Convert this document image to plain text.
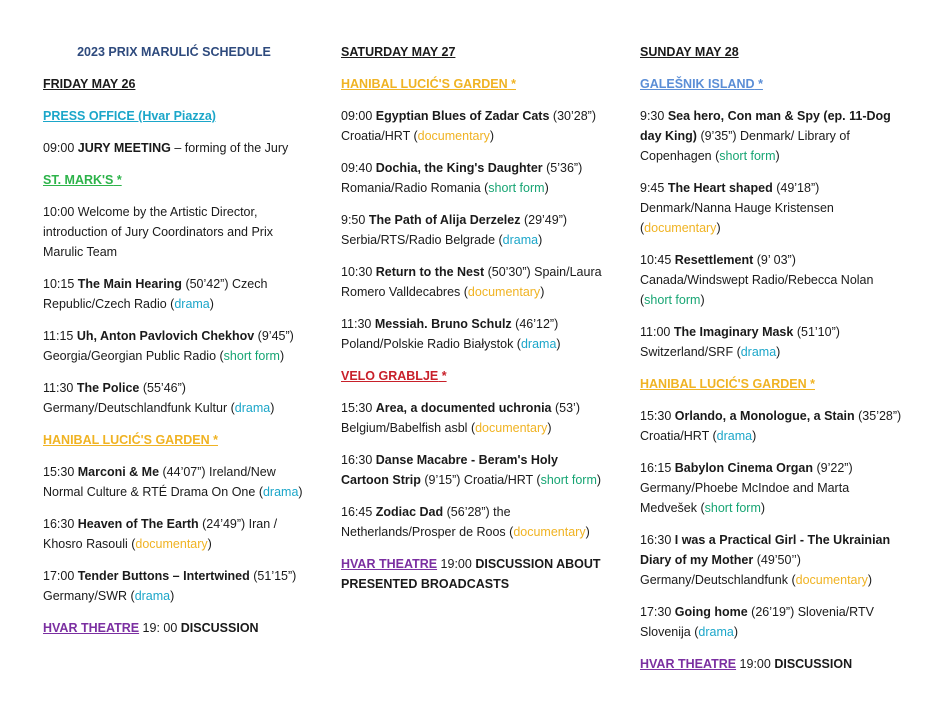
2023 PRIX MARULIĆ SCHEDULE
FRIDAY MAY 26
PRESS OFFICE (Hvar Piazza)
09:00 JURY MEETING – forming of the Jury
ST. MARK'S *
10:00 Welcome by the Artistic Director, introduction of Jury Coordinators and Prix Marulic Team
10:15 The Main Hearing (50’42”) Czech Republic/Czech Radio (drama)
11:15 Uh, Anton Pavlovich Chekhov (9’45”) Georgia/Georgian Public Radio (short form)
11:30 The Police (55’46”) Germany/Deutschlandfunk Kultur (drama)
HANIBAL LUCIĆ'S GARDEN *
15:30 Marconi & Me (44’07”) Ireland/New Normal Culture & RTÉ Drama On One (drama)
16:30 Heaven of The Earth (24’49”) Iran / Khosro Rasouli (documentary)
17:00 Tender Buttons – Intertwined (51’15”) Germany/SWR (drama)
HVAR THEATRE 19: 00 DISCUSSION
SATURDAY MAY 27
HANIBAL LUCIĆ'S GARDEN *
09:00 Egyptian Blues of Zadar Cats (30’28”) Croatia/HRT (documentary)
09:40 Dochia, the King's Daughter (5’36”) Romania/Radio Romania (short form)
9:50 The Path of Alija Derzelez (29’49”) Serbia/RTS/Radio Belgrade (drama)
10:30 Return to the Nest (50’30”) Spain/Laura Romero Valldecabres (documentary)
11:30 Messiah. Bruno Schulz (46’12”) Poland/Polskie Radio Białystok (drama)
VELO GRABLJE *
15:30 Area, a documented uchronia (53’) Belgium/Babelfish asbl (documentary)
16:30 Danse Macabre - Beram's Holy Cartoon Strip (9’15”) Croatia/HRT (short form)
16:45 Zodiac Dad (56’28”) the Netherlands/Prosper de Roos (documentary)
HVAR THEATRE 19:00 DISCUSSION ABOUT PRESENTED BROADCASTS
SUNDAY MAY 28
GALEŠNIK ISLAND *
9:30 Sea hero, Con man & Spy (ep. 11-Dog day King) (9’35”) Denmark/ Library of Copenhagen (short form)
9:45 The Heart shaped (49’18”) Denmark/Nanna Hauge Kristensen (documentary)
10:45 Resettlement (9’ 03”) Canada/Windswept Radio/Rebecca Nolan (short form)
11:00 The Imaginary Mask (51’10”) Switzerland/SRF (drama)
HANIBAL LUCIĆ'S GARDEN *
15:30 Orlando, a Monologue, a Stain (35’28”) Croatia/HRT (drama)
16:15 Babylon Cinema Organ (9’22”) Germany/Phoebe McIndoe and Marta Medvešek (short form)
16:30 I was a Practical Girl - The Ukrainian Diary of my Mother (49’50’’) Germany/Deutschlandfunk (documentary)
17:30 Going home (26’19”) Slovenia/RTV Slovenija (drama)
HVAR THEATRE 19:00 DISCUSSION
